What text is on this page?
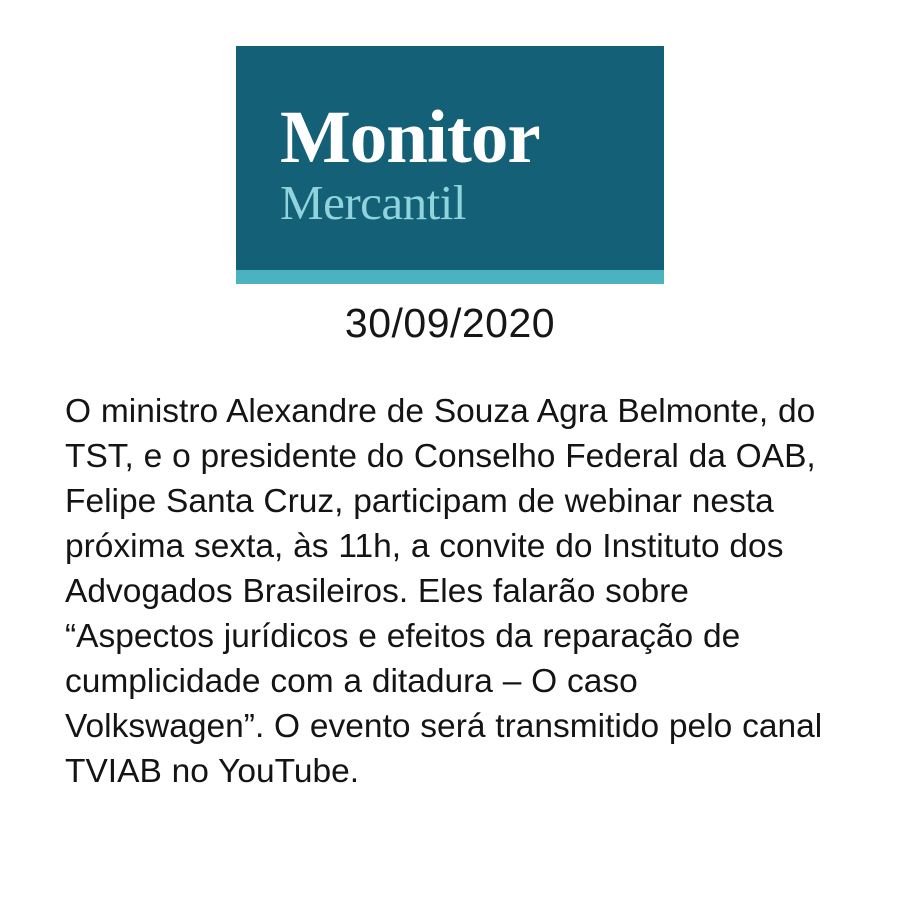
Monitor
Mercantil
30/09/2020
O ministro Alexandre de Souza Agra Belmonte, do TST, e o presidente do Conselho Federal da OAB, Felipe Santa Cruz, participam de webinar nesta próxima sexta, às 11h, a convite do Instituto dos Advogados Brasileiros. Eles falarão sobre “Aspectos jurídicos e efeitos da reparação de cumplicidade com a ditadura – O caso Volkswagen”. O evento será transmitido pelo canal TVIAB no YouTube.
